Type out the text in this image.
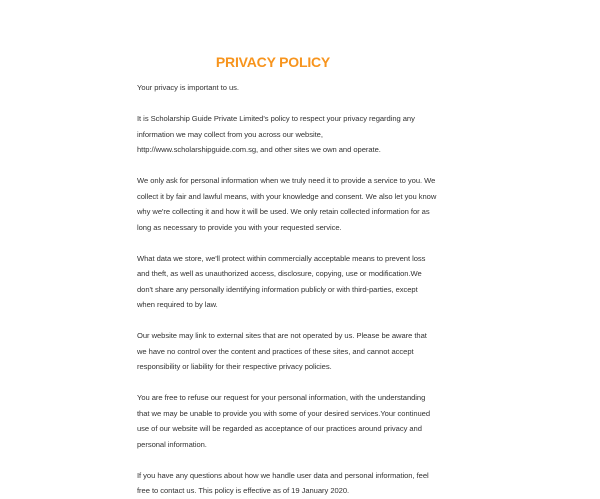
PRIVACY POLICY

Your privacy is important to us.

It is Scholarship Guide Private Limited's policy to respect your privacy regarding any information we may collect from you across our website, http://www.scholarshipguide.com.sg, and other sites we own and operate.

We only ask for personal information when we truly need it to provide a service to you. We collect it by fair and lawful means, with your knowledge and consent. We also let you know why we're collecting it and how it will be used. We only retain collected information for as long as necessary to provide you with your requested service.

What data we store, we'll protect within commercially acceptable means to prevent loss and theft, as well as unauthorized access, disclosure, copying, use or modification.We don't share any personally identifying information publicly or with third-parties, except when required to by law.

Our website may link to external sites that are not operated by us. Please be aware that we have no control over the content and practices of these sites, and cannot accept responsibility or liability for their respective privacy policies.

You are free to refuse our request for your personal information, with the understanding that we may be unable to provide you with some of your desired services.Your continued use of our website will be regarded as acceptance of our practices around privacy and personal information.

If you have any questions about how we handle user data and personal information, feel free to contact us. This policy is effective as of 19 January 2020.
